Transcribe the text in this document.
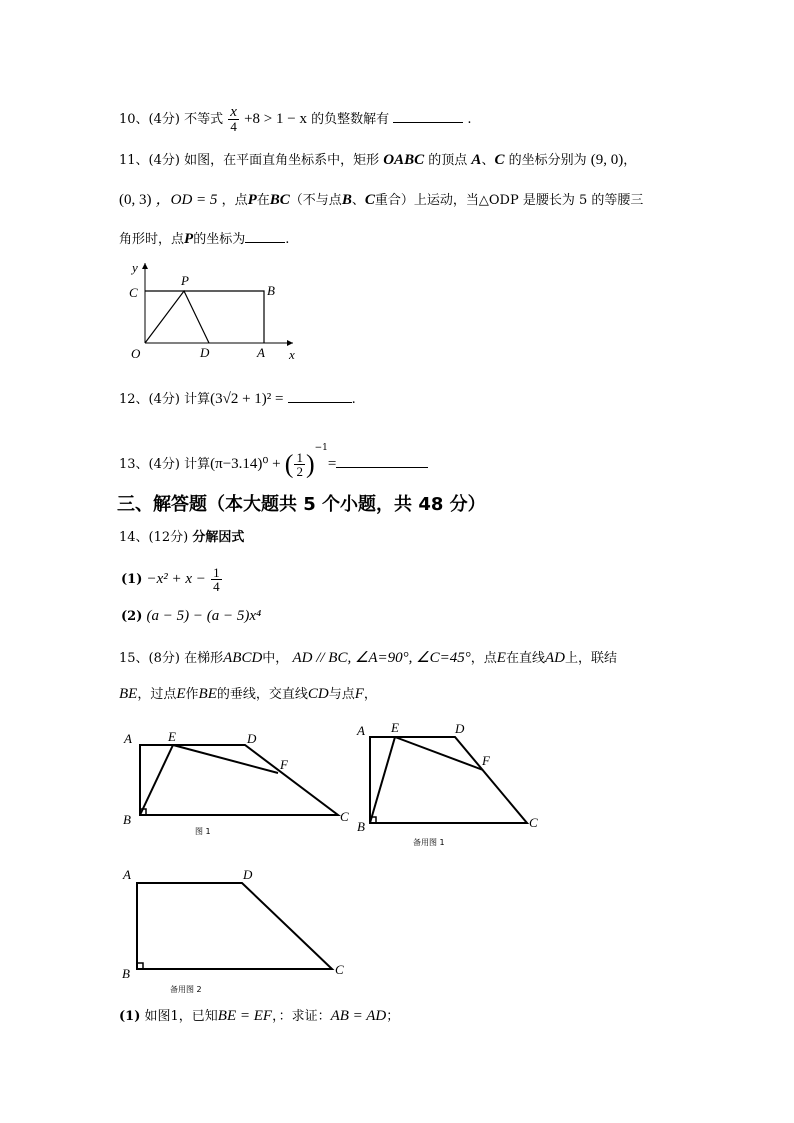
10、(4分) 不等式 $\frac{x}{4} +8 > 1 - x$ 的负整数解有	.
11、(4分) 如图，在平面直角坐标系中，矩形 OABC 的顶点 A、C 的坐标分别为 (9, 0)，
(0, 3) ，OD = 5 ，点P在BC（不与点B、C重合）上运动，当△ODP 是腰长为 5 的等腰三
角形时，点P的坐标为	.
y
x
O
C
P
B
D	A
12、(4分) 计算(3√2 + 1)² =	.
13、(4分) 计算(π−3.14)⁰ + ( $\frac{1}{2} )^{-1}=$
三、解答题（本大题共 5 个小题，共 48 分）
14、(12分) 分解因式
$(1) -x^2 + x - \frac{1}{4}$
(2) (a − 5) − (a − 5)x⁴
15、(8分) 在梯形ABCD中， AD // BC, ∠A=90°, ∠C=45°，点E在直线AD上，联结
BE，过点E作BE的垂线，交直线CD与点F，
A	E	D
F
B	C
图 1
A E	D
F
B	C
备用图 1
A	D
B	C
备用图 2
(1) 如图1，已知BE = EF，：求证：AB = AD；
